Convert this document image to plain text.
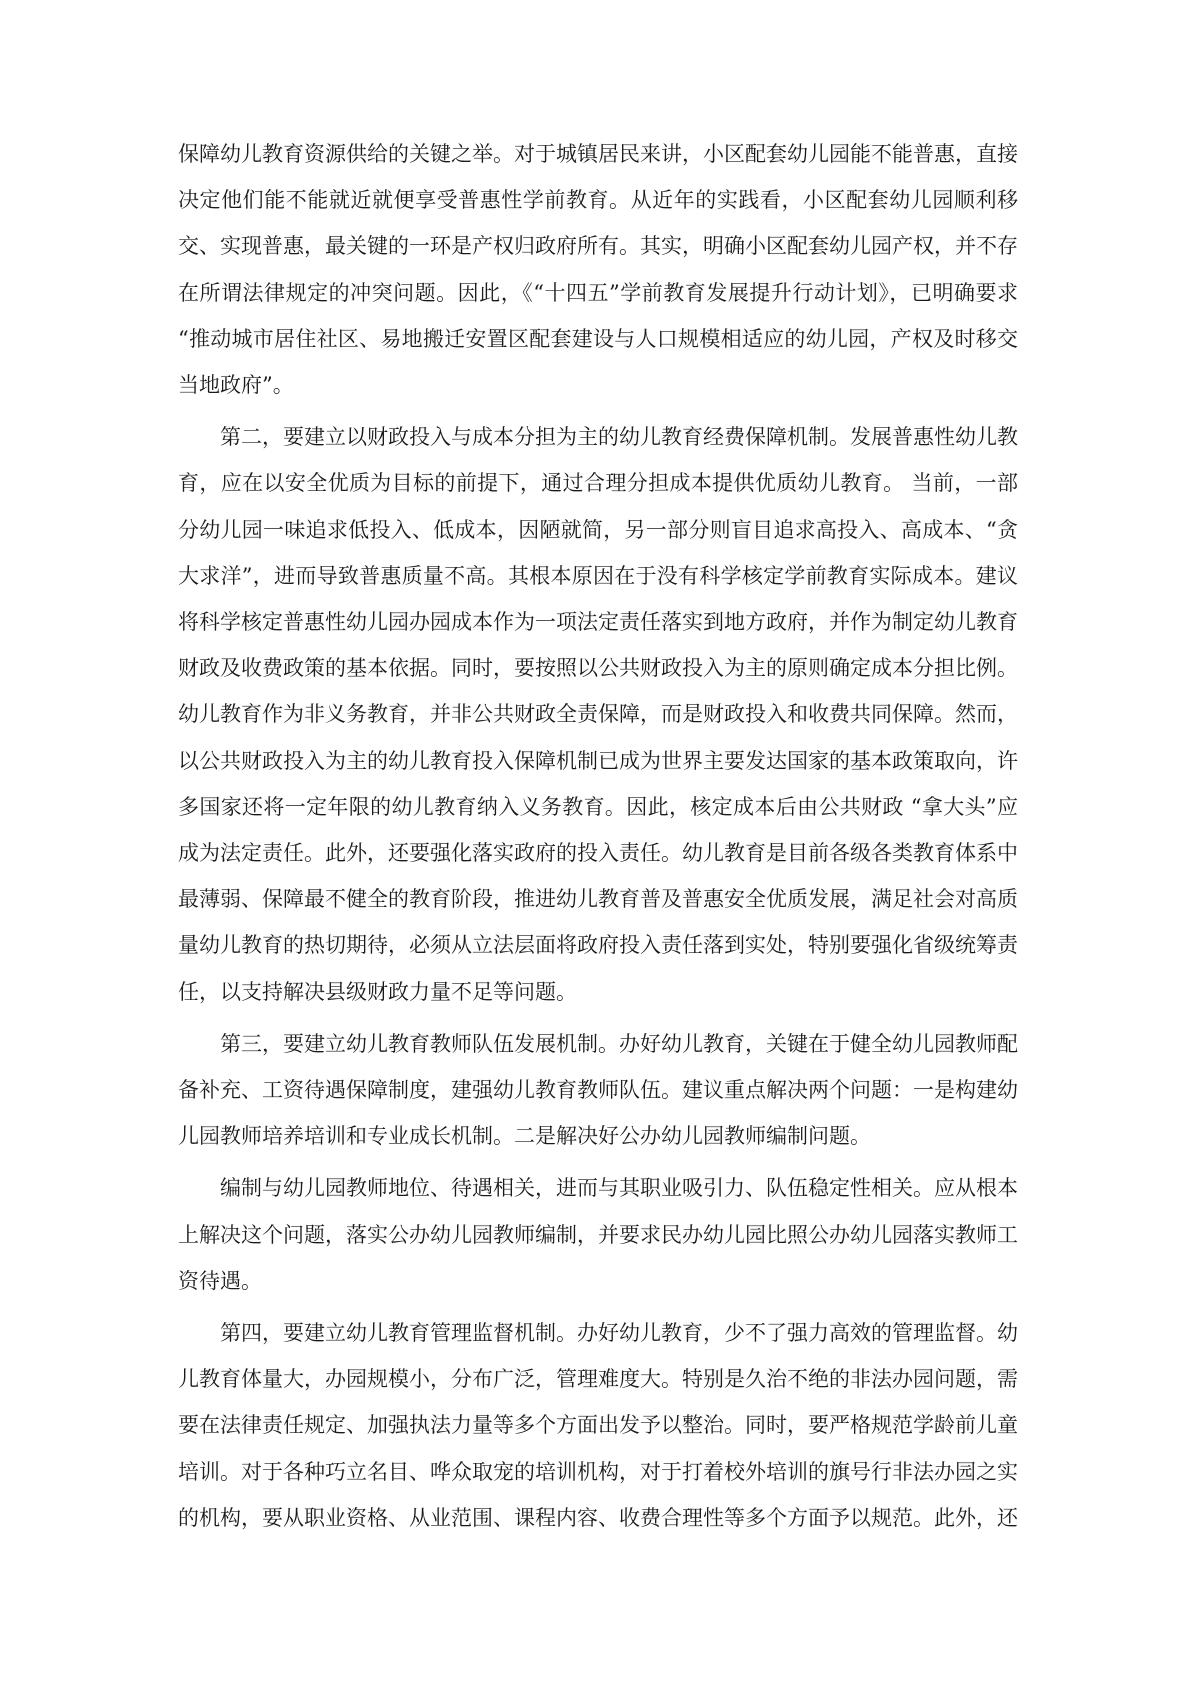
保障幼儿教育资源供给的关键之举。对于城镇居民来讲，小区配套幼儿园能不能普惠，直接决定他们能不能就近就便享受普惠性学前教育。从近年的实践看，小区配套幼儿园顺利移交、实现普惠，最关键的一环是产权归政府所有。其实，明确小区配套幼儿园产权，并不存在所谓法律规定的冲突问题。因此，《“十四五”学前教育发展提升行动计划》，已明确要求 “推动城市居住社区、易地搬迁安置区配套建设与人口规模相适应的幼儿园，产权及时移交当地政府”。

第二，要建立以财政投入与成本分担为主的幼儿教育经费保障机制。发展普惠性幼儿教育，应在以安全优质为目标的前提下，通过合理分担成本提供优质幼儿教育。 当前，一部分幼儿园一味追求低投入、低成本，因陋就简，另一部分则盲目追求高投入、高成本、“贪大求洋”，进而导致普惠质量不高。其根本原因在于没有科学核定学前教育实际成本。建议将科学核定普惠性幼儿园办园成本作为一项法定责任落实到地方政府，并作为制定幼儿教育财政及收费政策的基本依据。同时，要按照以公共财政投入为主的原则确定成本分担比例。幼儿教育作为非义务教育，并非公共财政全责保障，而是财政投入和收费共同保障。然而，以公共财政投入为主的幼儿教育投入保障机制已成为世界主要发达国家的基本政策取向，许多国家还将一定年限的幼儿教育纳入义务教育。因此，核定成本后由公共财政 “拿大头”应成为法定责任。此外，还要强化落实政府的投入责任。幼儿教育是目前各级各类教育体系中最薄弱、保障最不健全的教育阶段，推进幼儿教育普及普惠安全优质发展，满足社会对高质量幼儿教育的热切期待，必须从立法层面将政府投入责任落到实处，特别要强化省级统筹责任，以支持解决县级财政力量不足等问题。

第三，要建立幼儿教育教师队伍发展机制。办好幼儿教育，关键在于健全幼儿园教师配备补充、工资待遇保障制度，建强幼儿教育教师队伍。建议重点解决两个问题：一是构建幼儿园教师培养培训和专业成长机制。二是解决好公办幼儿园教师编制问题。

编制与幼儿园教师地位、待遇相关，进而与其职业吸引力、队伍稳定性相关。应从根本上解决这个问题，落实公办幼儿园教师编制，并要求民办幼儿园比照公办幼儿园落实教师工资待遇。

第四，要建立幼儿教育管理监督机制。办好幼儿教育，少不了强力高效的管理监督。幼儿教育体量大，办园规模小，分布广泛，管理难度大。特别是久治不绝的非法办园问题，需要在法律责任规定、加强执法力量等多个方面出发予以整治。同时，要严格规范学龄前儿童培训。对于各种巧立名目、哗众取宠的培训机构，对于打着校外培训的旗号行非法办园之实的机构，要从职业资格、从业范围、课程内容、收费合理性等多个方面予以规范。此外，还
